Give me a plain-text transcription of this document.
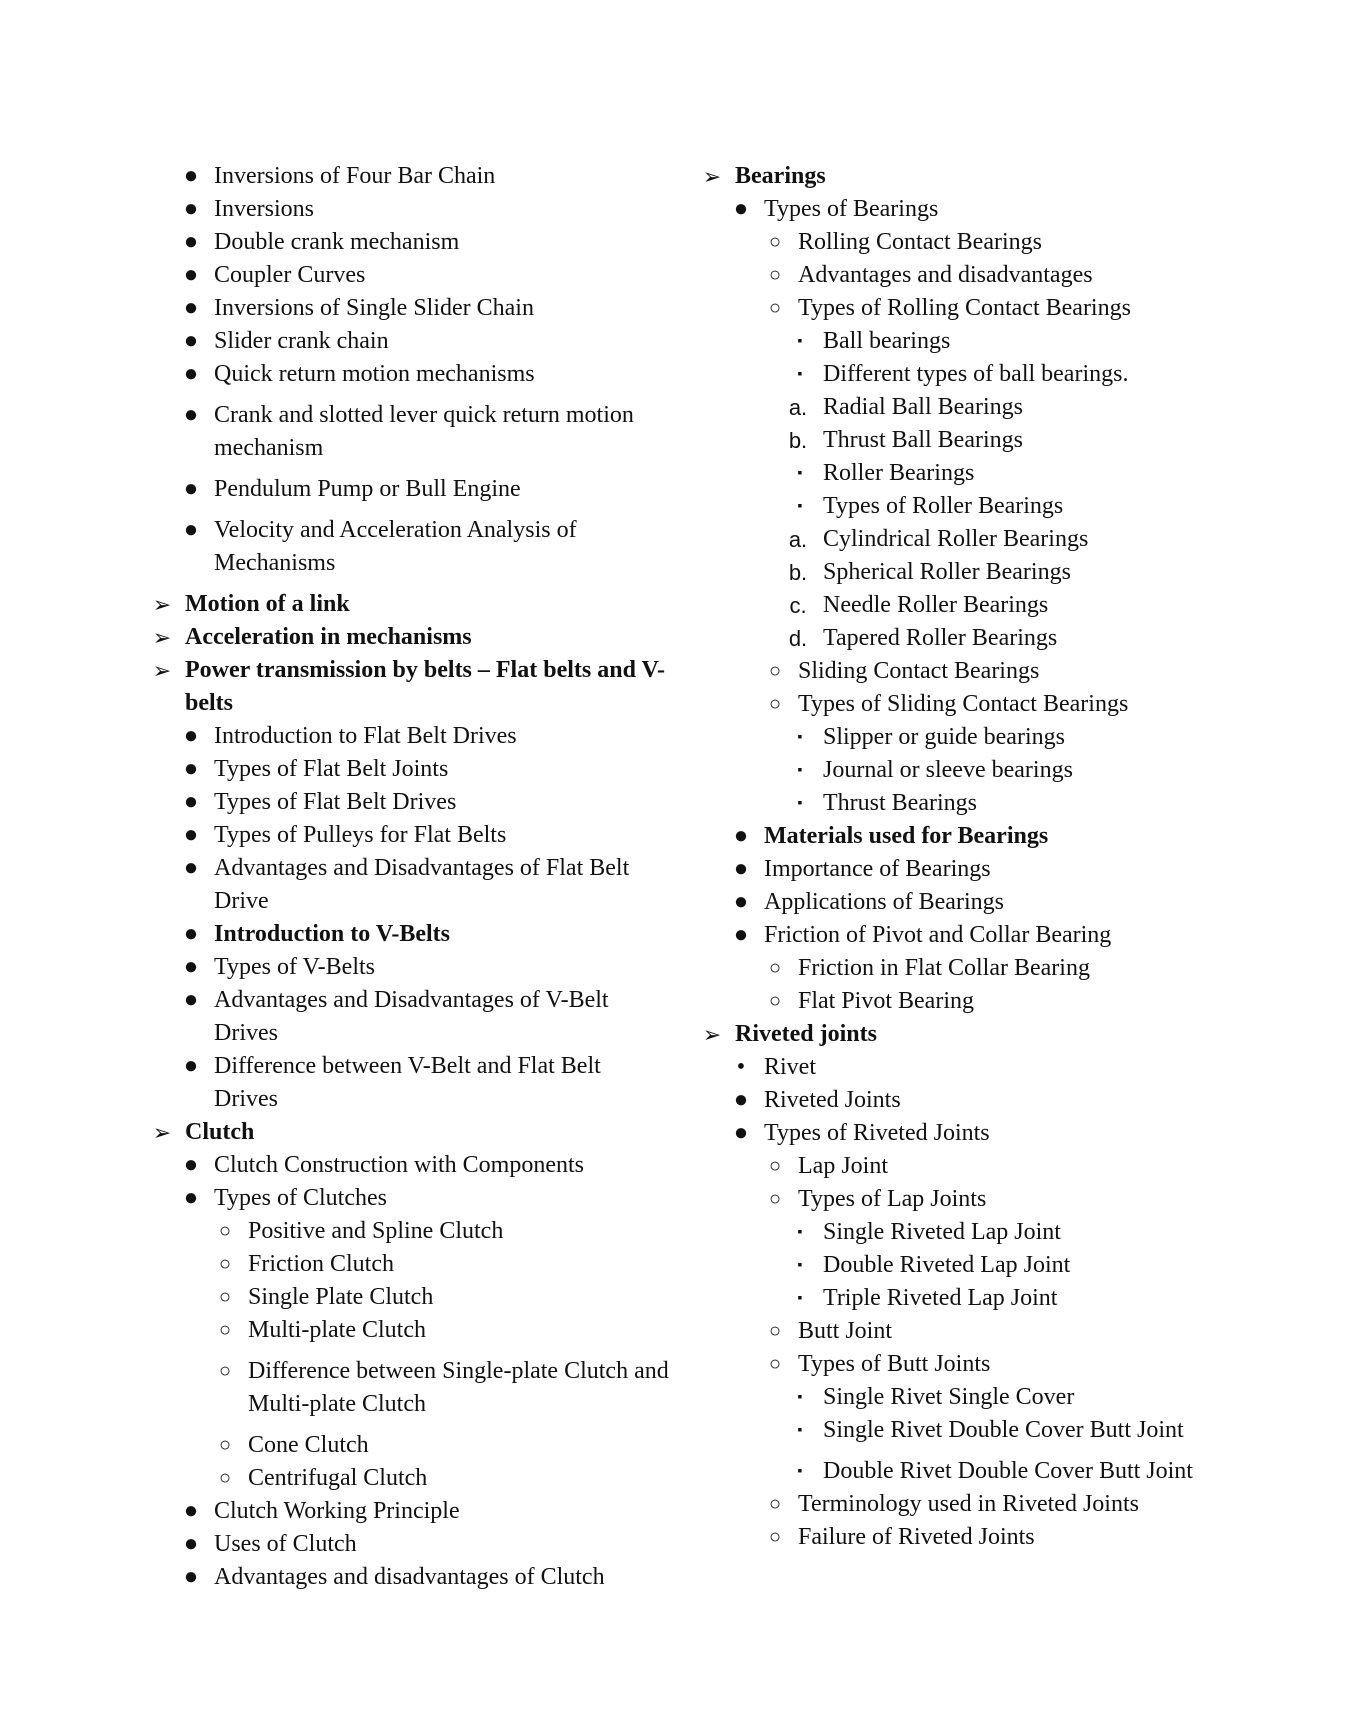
● Inversions of Four Bar Chain
● Inversions
● Double crank mechanism
● Coupler Curves
● Inversions of Single Slider Chain
● Slider crank chain
● Quick return motion mechanisms
● Crank and slotted lever quick return motion mechanism
● Pendulum Pump or Bull Engine
● Velocity and Acceleration Analysis of Mechanisms
➢ Motion of a link
➢ Acceleration in mechanisms
➢ Power transmission by belts – Flat belts and V-belts
● Introduction to Flat Belt Drives
● Types of Flat Belt Joints
● Types of Flat Belt Drives
● Types of Pulleys for Flat Belts
● Advantages and Disadvantages of Flat Belt Drive
● Introduction to V-Belts
● Types of V-Belts
● Advantages and Disadvantages of V-Belt Drives
● Difference between V-Belt and Flat Belt Drives
➢ Clutch
● Clutch Construction with Components
● Types of Clutches
○ Positive and Spline Clutch
○ Friction Clutch
○ Single Plate Clutch
○ Multi-plate Clutch
○ Difference between Single-plate Clutch and Multi-plate Clutch
○ Cone Clutch
○ Centrifugal Clutch
● Clutch Working Principle
● Uses of Clutch
● Advantages and disadvantages of Clutch
➢ Bearings
● Types of Bearings
○ Rolling Contact Bearings
○ Advantages and disadvantages
○ Types of Rolling Contact Bearings
▪ Ball bearings
▪ Different types of ball bearings.
a. Radial Ball Bearings
b. Thrust Ball Bearings
▪ Roller Bearings
▪ Types of Roller Bearings
a. Cylindrical Roller Bearings
b. Spherical Roller Bearings
c. Needle Roller Bearings
d. Tapered Roller Bearings
○ Sliding Contact Bearings
○ Types of Sliding Contact Bearings
▪ Slipper or guide bearings
▪ Journal or sleeve bearings
▪ Thrust Bearings
● Materials used for Bearings
● Importance of Bearings
● Applications of Bearings
● Friction of Pivot and Collar Bearing
○ Friction in Flat Collar Bearing
○ Flat Pivot Bearing
➢ Riveted joints
• Rivet
● Riveted Joints
● Types of Riveted Joints
○ Lap Joint
○ Types of Lap Joints
▪ Single Riveted Lap Joint
▪ Double Riveted Lap Joint
▪ Triple Riveted Lap Joint
○ Butt Joint
○ Types of Butt Joints
▪ Single Rivet Single Cover
▪ Single Rivet Double Cover Butt Joint
▪ Double Rivet Double Cover Butt Joint
○ Terminology used in Riveted Joints
○ Failure of Riveted Joints
